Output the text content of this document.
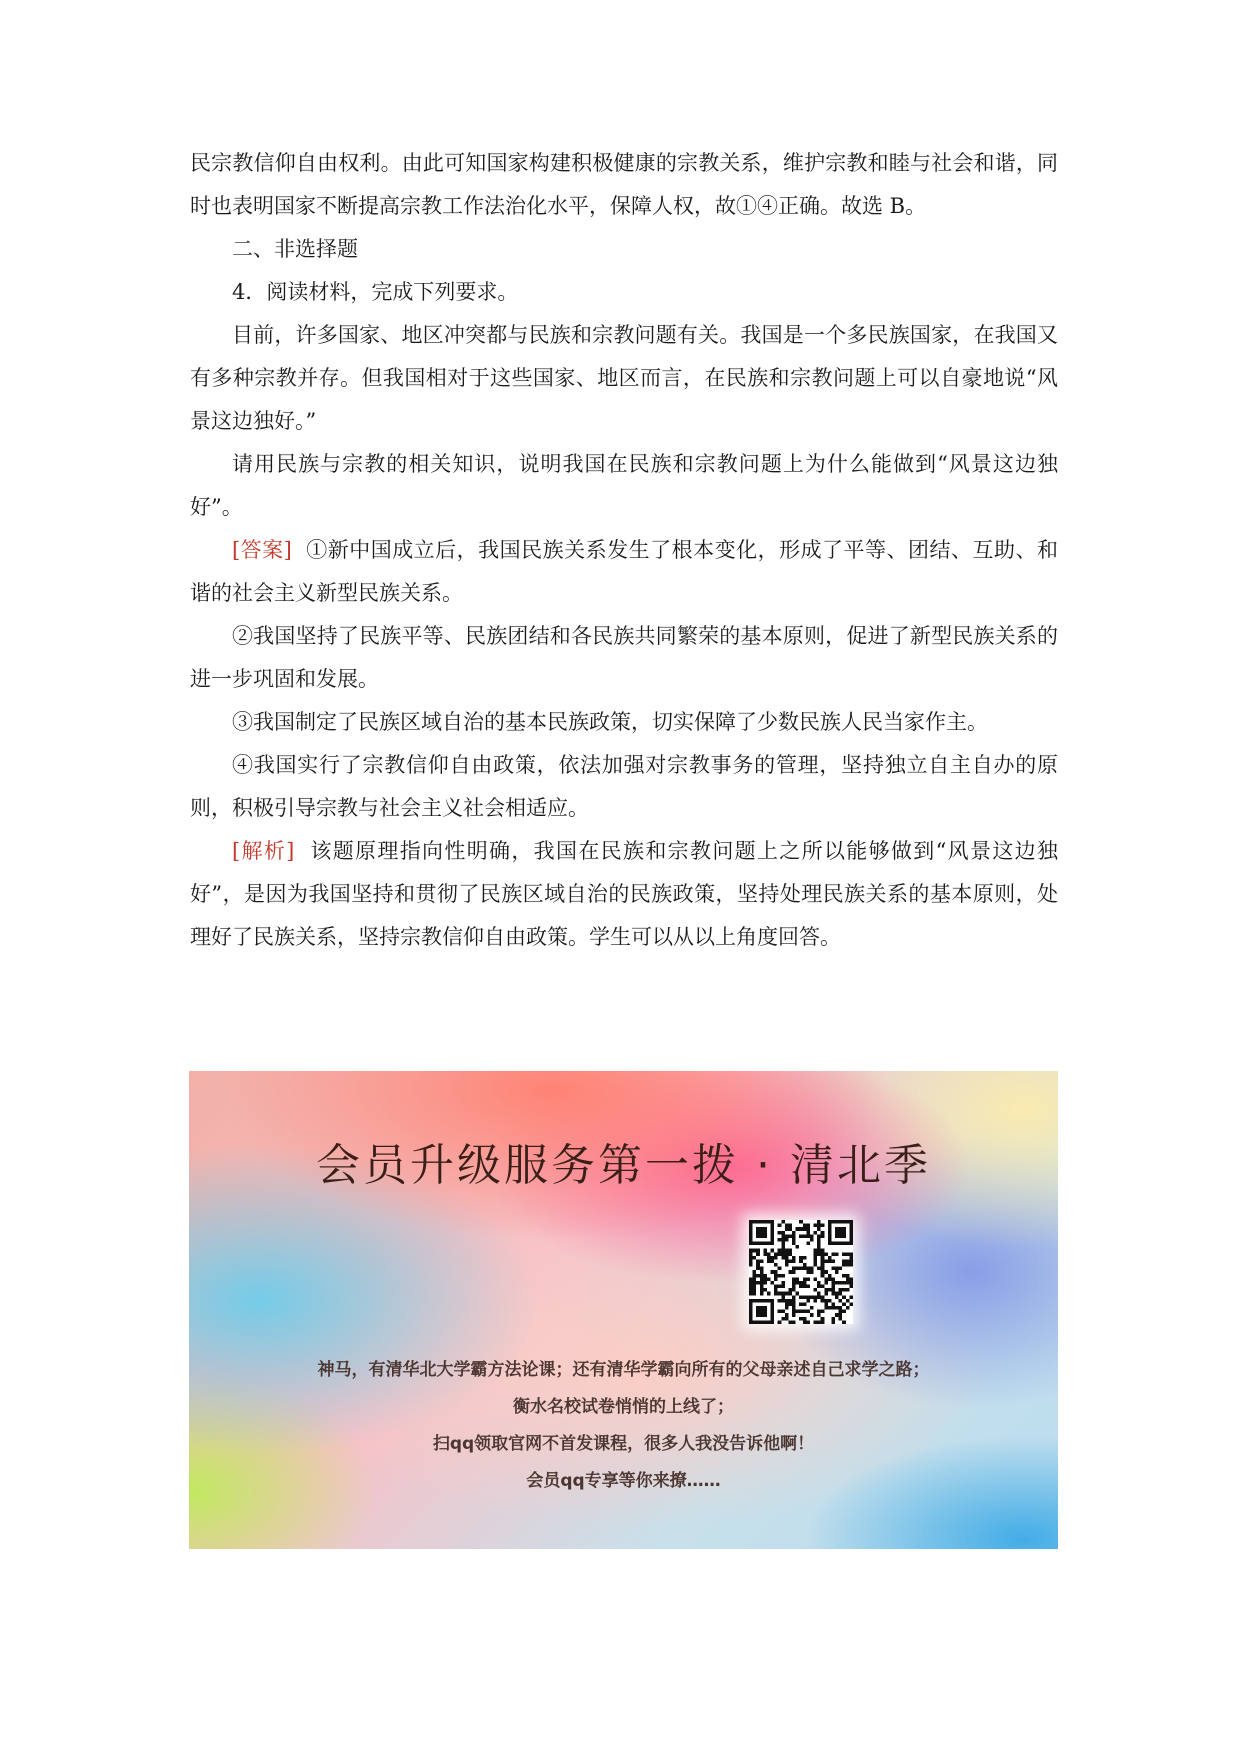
民宗教信仰自由权利。由此可知国家构建积极健康的宗教关系，维护宗教和睦与社会和谐，同时也表明国家不断提高宗教工作法治化水平，保障人权，故①④正确。故选 B。

二、非选择题

4．阅读材料，完成下列要求。

目前，许多国家、地区冲突都与民族和宗教问题有关。我国是一个多民族国家，在我国又有多种宗教并存。但我国相对于这些国家、地区而言，在民族和宗教问题上可以自豪地说“风景这边独好。”

请用民族与宗教的相关知识，说明我国在民族和宗教问题上为什么能做到“风景这边独好”。

[答案] ①新中国成立后，我国民族关系发生了根本变化，形成了平等、团结、互助、和谐的社会主义新型民族关系。

②我国坚持了民族平等、民族团结和各民族共同繁荣的基本原则，促进了新型民族关系的进一步巩固和发展。

③我国制定了民族区域自治的基本民族政策，切实保障了少数民族人民当家作主。

④我国实行了宗教信仰自由政策，依法加强对宗教事务的管理，坚持独立自主自办的原则，积极引导宗教与社会主义社会相适应。

[解析] 该题原理指向性明确，我国在民族和宗教问题上之所以能够做到“风景这边独好”，是因为我国坚持和贯彻了民族区域自治的民族政策，坚持处理民族关系的基本原则，处理好了民族关系，坚持宗教信仰自由政策。学生可以从以上角度回答。

会员升级服务第一拨 · 清北季

神马，有清华北大学霸方法论课；还有清华学霸向所有的父母亲述自己求学之路；
衡水名校试卷悄悄的上线了；
扫qq领取官网不首发课程，很多人我没告诉他啊！
会员qq专享等你来撩……
